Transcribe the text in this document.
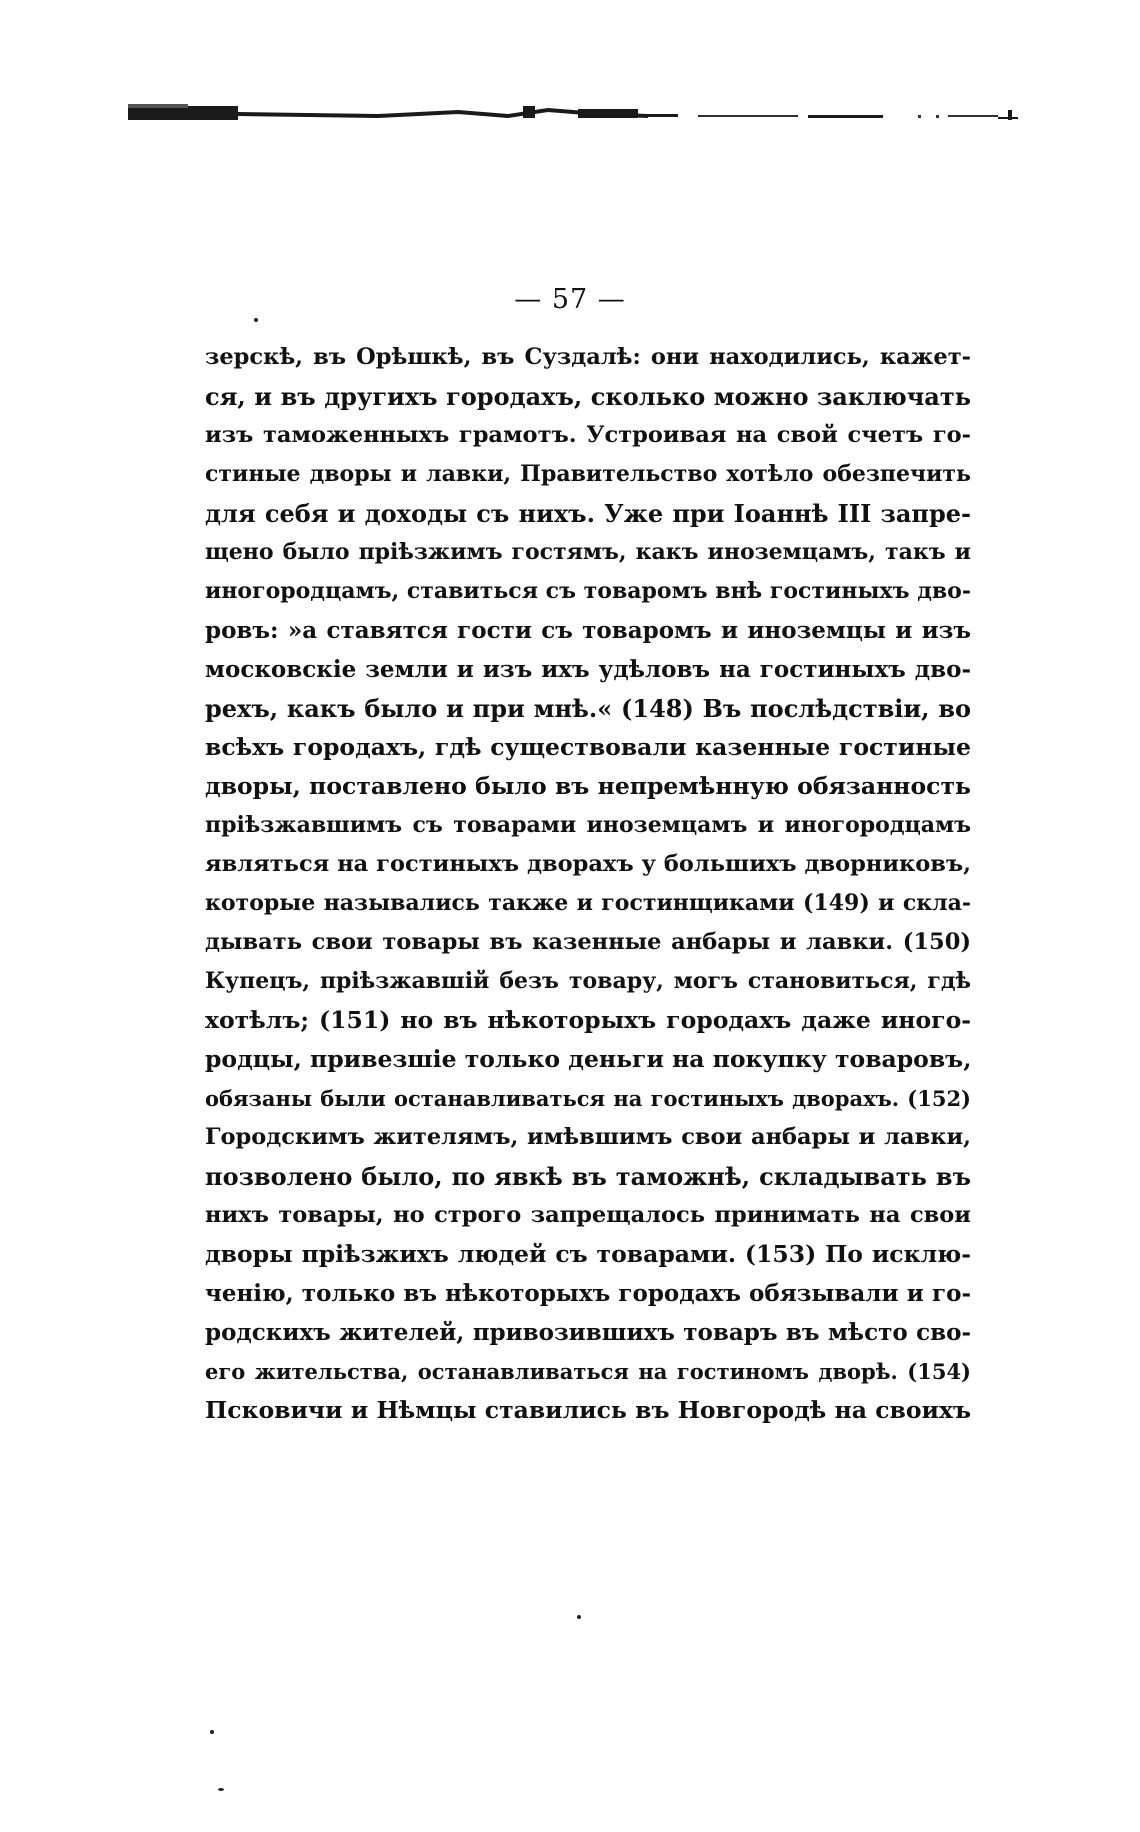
— 57 —
зерскѣ, въ Орѣшкѣ, въ Суздалѣ: они находились, кажет-
ся, и въ другихъ городахъ, сколько можно заключать
изъ таможенныхъ грамотъ. Устроивая на свой счетъ го-
стиные дворы и лавки, Правительство хотѣло обезпечить
для себя и доходы съ нихъ. Уже при Іоаннѣ III запре-
щено было пріѣзжимъ гостямъ, какъ иноземцамъ, такъ и
иногородцамъ, ставиться съ товаромъ внѣ гостиныхъ дво-
ровъ: »а ставятся гости съ товаромъ и иноземцы и изъ
московскіе земли и изъ ихъ удѣловъ на гостиныхъ дво-
рехъ, какъ было и при мнѣ.« (148) Въ послѣдствіи, во
всѣхъ городахъ, гдѣ существовали казенные гостиные
дворы, поставлено было въ непремѣнную обязанность
пріѣзжавшимъ съ товарами иноземцамъ и иногородцамъ
являться на гостиныхъ дворахъ у большихъ дворниковъ,
которые назывались также и гостинщиками (149) и скла-
дывать свои товары въ казенные анбары и лавки. (150)
Купецъ, пріѣзжавшій безъ товару, могъ становиться, гдѣ
хотѣлъ; (151) но въ нѣкоторыхъ городахъ даже иного-
родцы, привезшіе только деньги на покупку товаровъ,
обязаны были останавливаться на гостиныхъ дворахъ. (152)
Городскимъ жителямъ, имѣвшимъ свои анбары и лавки,
позволено было, по явкѣ въ таможнѣ, складывать въ
нихъ товары, но строго запрещалось принимать на свои
дворы пріѣзжихъ людей съ товарами. (153) По исклю-
ченію, только въ нѣкоторыхъ городахъ обязывали и го-
родскихъ жителей, привозившихъ товаръ въ мѣсто сво-
его жительства, останавливаться на гостиномъ дворѣ. (154)
Псковичи и Нѣмцы ставились въ Новгородѣ на своихъ
